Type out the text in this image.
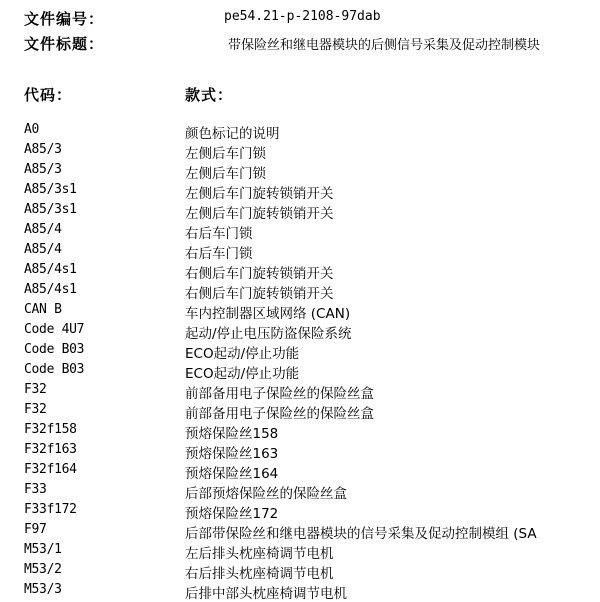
文件编号：	pe54.21-p-2108-97dab
文件标题：	带保险丝和继电器模块的后侧信号采集及促动控制模块
代码：	款式：
A0	颜色标记的说明
A85/3	左侧后车门锁
A85/3	左侧后车门锁
A85/3s1	左侧后车门旋转锁销开关
A85/3s1	左侧后车门旋转锁销开关
A85/4	右后车门锁
A85/4	右后车门锁
A85/4s1	右侧后车门旋转锁销开关
A85/4s1	右侧后车门旋转锁销开关
CAN B	车内控制器区域网络 (CAN)
Code 4U7	起动/停止电压防盗保险系统
Code B03	ECO起动/停止功能
Code B03	ECO起动/停止功能
F32	前部备用电子保险丝的保险丝盒
F32	前部备用电子保险丝的保险丝盒
F32f158	预熔保险丝158
F32f163	预熔保险丝163
F32f164	预熔保险丝164
F33	后部预熔保险丝的保险丝盒
F33f172	预熔保险丝172
F97	后部带保险丝和继电器模块的信号采集及促动控制模组 (SA
M53/1	左后排头枕座椅调节电机
M53/2	右后排头枕座椅调节电机
M53/3	后排中部头枕座椅调节电机
